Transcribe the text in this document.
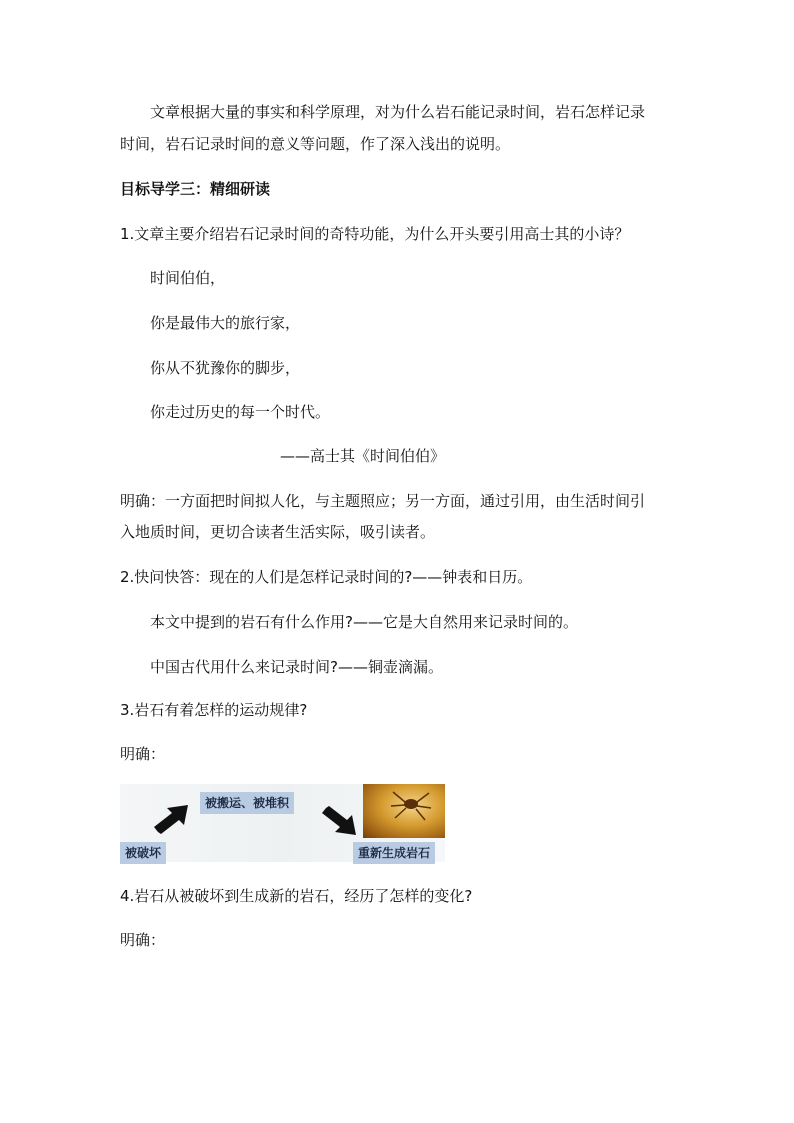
文章根据大量的事实和科学原理，对为什么岩石能记录时间，岩石怎样记录
时间，岩石记录时间的意义等问题，作了深入浅出的说明。
目标导学三：精细研读
1.文章主要介绍岩石记录时间的奇特功能，为什么开头要引用高士其的小诗？
时间伯伯，
你是最伟大的旅行家，
你从不犹豫你的脚步，
你走过历史的每一个时代。
——高士其《时间伯伯》
明确：一方面把时间拟人化，与主题照应；另一方面，通过引用，由生活时间引
入地质时间，更切合读者生活实际，吸引读者。
2.快问快答：现在的人们是怎样记录时间的?——钟表和日历。
本文中提到的岩石有什么作用?——它是大自然用来记录时间的。
中国古代用什么来记录时间?——铜壶滴漏。
3.岩石有着怎样的运动规律?
明确：
被破坏
被搬运、被堆积
重新生成岩石
4.岩石从被破坏到生成新的岩石，经历了怎样的变化?
明确：
